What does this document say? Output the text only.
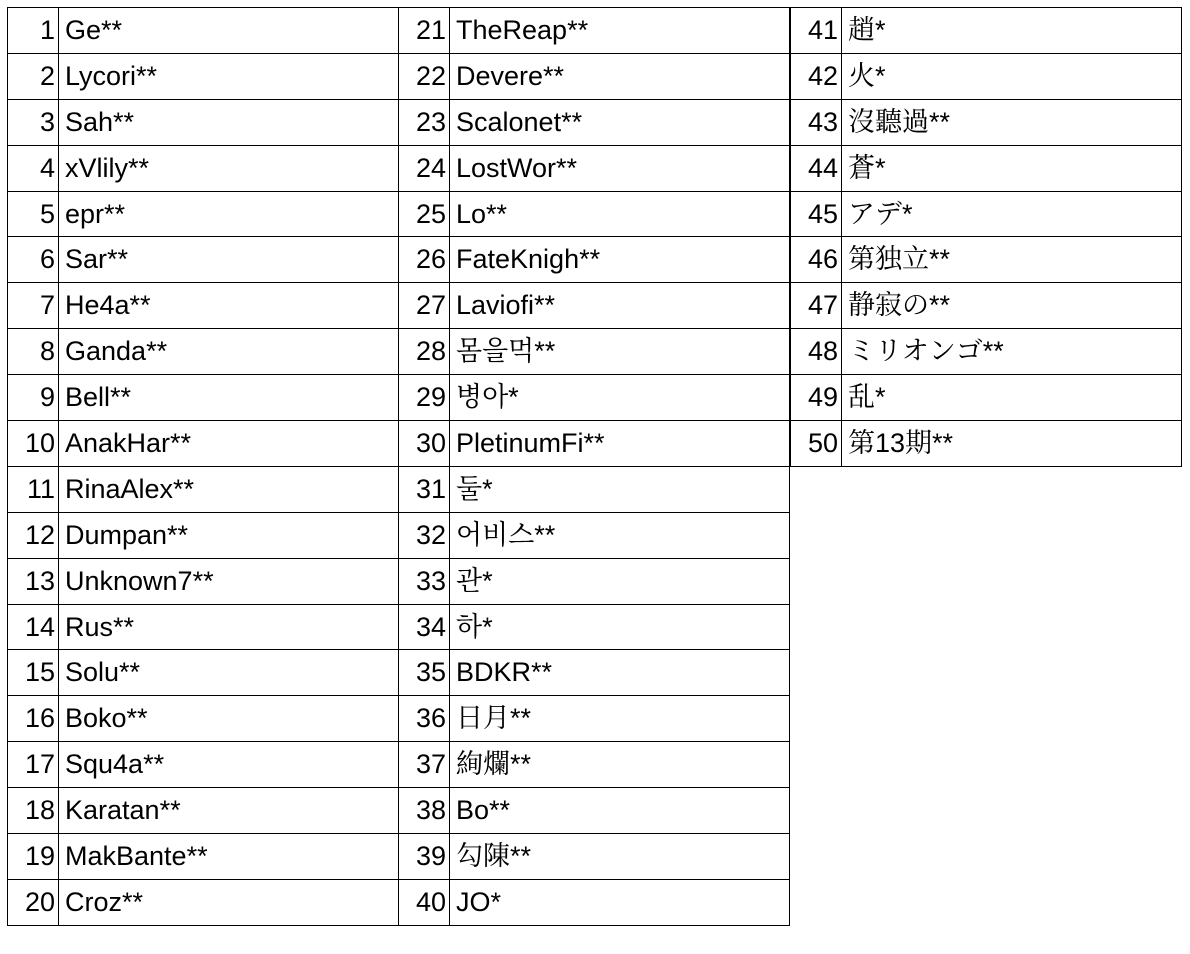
1	Ge**
2	Lycori**
3	Sah**
4	xVlily**
5	epr**
6	Sar**
7	He4a**
8	Ganda**
9	Bell**
10	AnakHar**
11	RinaAlex**
12	Dumpan**
13	Unknown7**
14	Rus**
15	Solu**
16	Boko**
17	Squ4a**
18	Karatan**
19	MakBante**
20	Croz**
21	TheReap**
22	Devere**
23	Scalonet**
24	LostWor**
25	Lo**
26	FateKnigh**
27	Laviofi**
28	몸을먹**
29	병아*
30	PletinumFi**
31	둘*
32	어비스**
33	관*
34	하*
35	BDKR**
36	日月**
37	絢爛**
38	Bo**
39	勾陳**
40	JO*
41	趙*
42	火*
43	沒聽過**
44	蒼*
45	アデ*
46	第独立**
47	静寂の**
48	ミリオンゴ**
49	乱*
50	第13期**
